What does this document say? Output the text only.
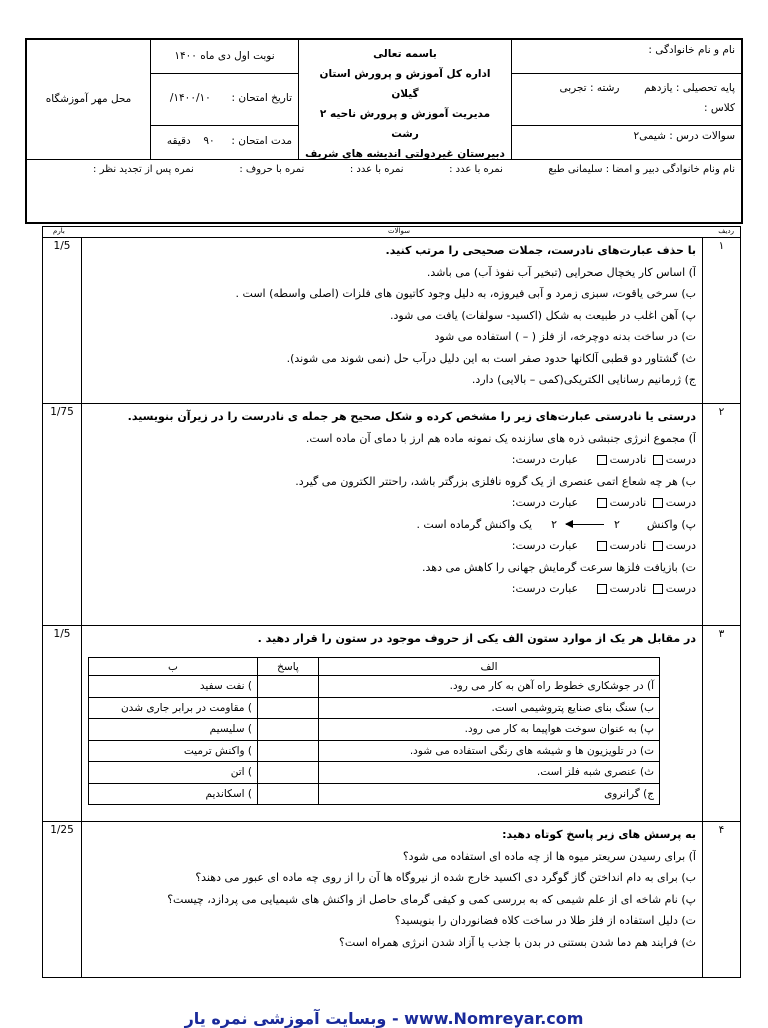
نام و نام خانوادگی :
پایه تحصیلی : یازدهم  رشته : تجربی
کلاس :
سوالات درس : شیمی۲
باسمه تعالی
اداره کل آموزش و پرورش استان گیلان
مدیریت آموزش و پرورش ناحیه ۲ رشت
دبیرستان غیردولتی اندیشه های شریف
نوبت اول دی ماه ۱۴۰۰
تاریخ امتحان :  ۱۴۰۰/۱۰/
مدت امتحان :  ۹۰  دقیقه
محل مهر آموزشگاه
نام ونام خانوادگی دبیر و امضا : سلیمانی طبع
نمره با عدد :
نمره با عدد :
نمره با حروف :
نمره پس از تجدید نظر :
ردیف
سوالات
بارم
۱
1/5	با حذف عبارت‌های نادرست، جملات صحیحی را مرتب کنید.
آ) اساس کار یخچال صحرایی (تبخیر آب نفوذ آب) می باشد.
ب) سرخی یاقوت، سبزی زمرد و آبی فیروزه، به دلیل وجود کاتیون های فلزات (اصلی واسطه) است .
پ) آهن اغلب در طبیعت به شکل (اکسید- سولفات) یافت می شود.
ت) در ساخت بدنه دوچرخه، از فلز ( – ) استفاده می شود
ث) گشتاور دو قطبی آلکانها حدود صفر است به این دلیل درآب حل (نمی شوند می شوند).
ج) ژرمانیم رسانایی الکتریکی(کمی – بالایی) دارد.
۲
1/75	درستی یا نادرستی عبارت‌های زیر را مشخص کرده و شکل صحیح هر جمله ی نادرست را در زیرآن بنویسید.
آ) مجموع انرژی جنبشی ذره های سازنده یک نمونه ماده هم ارز با دمای آن ماده است.
درست نادرست عبارت درست:
ب) هر چه شعاع اتمی عنصری از یک گروه نافلزی بزرگتر باشد، راحتتر الکترون می گیرد.
درست نادرست عبارت درست:
پ) واکنش  ۲  ۲  یک واکنش گرماده است .
درست نادرست عبارت درست:
ت) بازیافت فلزها سرعت گرمایش جهانی را کاهش می دهد.
درست نادرست عبارت درست:
۳
1/5	در مقابل هر یک از موارد ستون الف یکی از حروف موجود در ستون را قرار دهید .
۴
1/25	به پرسش های زیر پاسخ کوتاه دهید:
آ) برای رسیدن سریعتر میوه ها از چه ماده ای استفاده می شود؟
ب) برای به دام انداختن گاز گوگرد دی اکسید خارج شده از نیروگاه ها آن را از روی چه ماده ای عبور می دهند؟
پ) نام شاخه ای از علم شیمی که به بررسی کمی و کیفی گرمای حاصل از واکنش های شیمیایی می پردازد، چیست؟
ت) دلیل استفاده از فلز طلا در ساخت کلاه فضانوردان را بنویسید؟
ث) فرایند هم دما شدن بستنی در بدن با جذب یا آزاد شدن انرژی همراه است؟
الف	پاسخ	ب
آ) در جوشکاری خطوط راه آهن به کار می رود.		) نفت سفید
ب) سنگ بنای صنایع پتروشیمی است.		) مقاومت در برابر جاری شدن
پ) به عنوان سوخت هواپیما به کار می رود.		) سلیسیم
ت) در تلویزیون ها و شیشه های رنگی استفاده می شود.		) واکنش ترمیت
ث) عنصری شبه فلز است.		) اتن
ج) گرانروی		) اسکاندیم
www.Nomreyar.com - وبسایت آموزشی نمره یار
